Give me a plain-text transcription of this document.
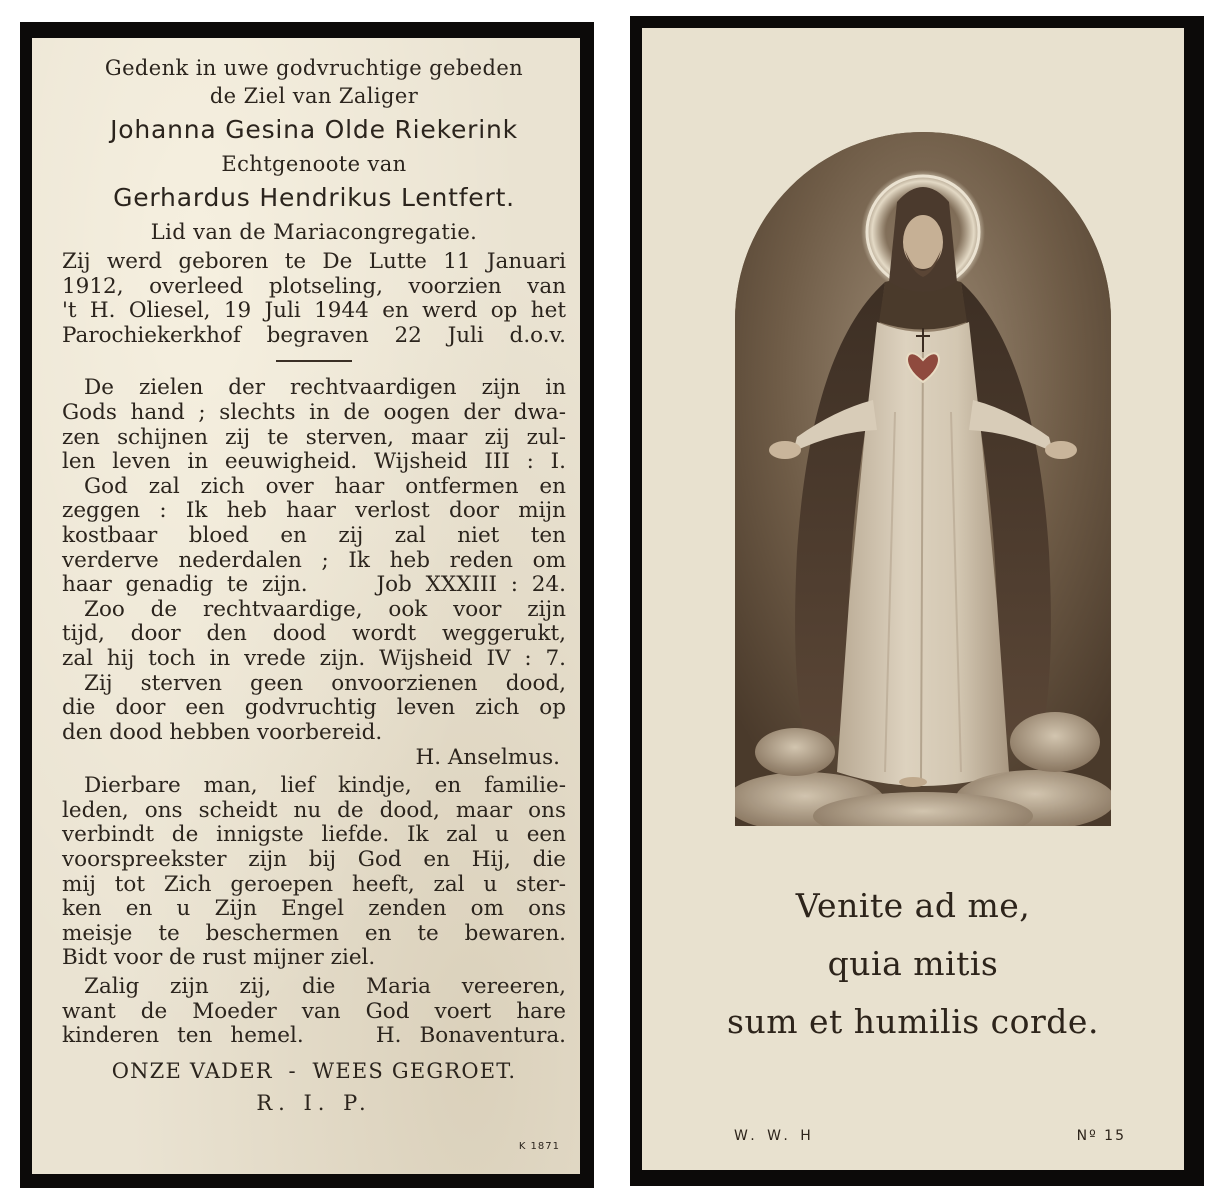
Gedenk in uwe godvruchtige gebeden
de Ziel van Zaliger
Johanna Gesina Olde Riekerink
Echtgenoote van
Gerhardus Hendrikus Lentfert.
Lid van de Mariacongregatie.

Zij werd geboren te De Lutte 11 Januari

1912, overleed plotseling, voorzien van

't H. Oliesel, 19 Juli 1944 en werd op het

Parochiekerkhof begraven 22 Juli d.o.v.

De zielen der rechtvaardigen zijn in

Gods hand ; slechts in de oogen der dwa-

zen schijnen zij te sterven, maar zij zul-

len leven in eeuwigheid. Wijsheid III : I.

God zal zich over haar ontfermen en

zeggen : Ik heb haar verlost door mijn

kostbaar bloed en zij zal niet ten

verderve nederdalen ; Ik heb reden om

haar genadig te zijn.     Job XXXIII : 24.

Zoo de rechtvaardige, ook voor zijn

tijd, door den dood wordt weggerukt,

zal hij toch in vrede zijn. Wijsheid IV : 7.

Zij sterven geen onvoorzienen dood,

die door een godvruchtig leven zich op

den dood hebben voorbereid.

H. Anselmus.

Dierbare man, lief kindje, en familie-

leden, ons scheidt nu de dood, maar ons

verbindt de innigste liefde. Ik zal u een

voorspreekster zijn bij God en Hij, die

mij tot Zich geroepen heeft, zal u ster-

ken en u Zijn Engel zenden om ons

meisje te beschermen en te bewaren.

Bidt voor de rust mijner ziel.

Zalig zijn zij, die Maria vereeren,

want de Moeder van God voert hare

kinderen ten hemel.    H. Bonaventura.

ONZE VADER  -  WEES GEGROET.
R. I. P.
K 1871
Venite ad me,
quia mitis
sum et humilis corde.
W. W. H	Nº 15
